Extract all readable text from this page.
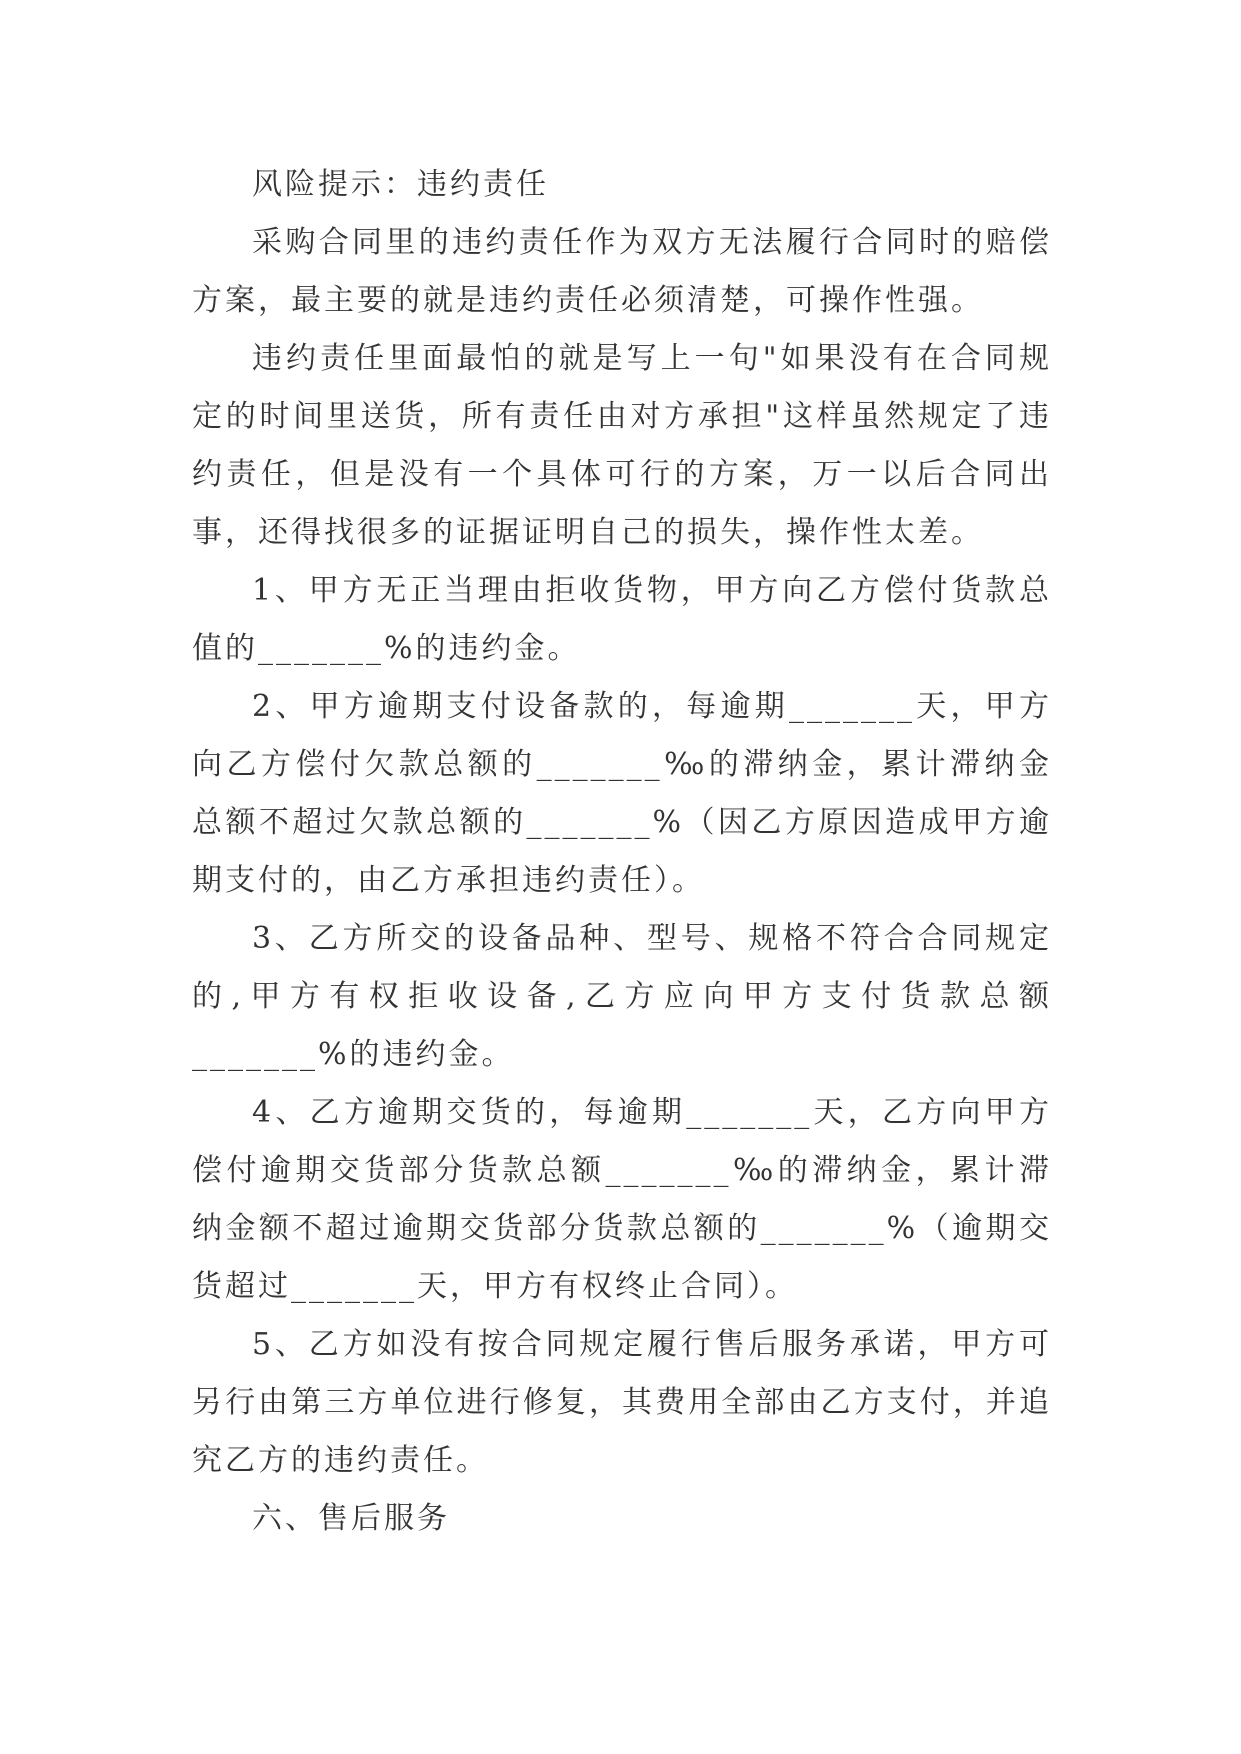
风险提示：违约责任

采购合同里的违约责任作为双方无法履行合同时的赔偿方案，最主要的就是违约责任必须清楚，可操作性强。

违约责任里面最怕的就是写上一句"如果没有在合同规定的时间里送货，所有责任由对方承担"这样虽然规定了违约责任，但是没有一个具体可行的方案，万一以后合同出事，还得找很多的证据证明自己的损失，操作性太差。

1、甲方无正当理由拒收货物，甲方向乙方偿付货款总值的_______%的违约金。

2、甲方逾期支付设备款的，每逾期_______天，甲方向乙方偿付欠款总额的_______‰的滞纳金，累计滞纳金总额不超过欠款总额的_______%（因乙方原因造成甲方逾期支付的，由乙方承担违约责任）。

3、乙方所交的设备品种、型号、规格不符合合同规定的,甲方有权拒收设备,乙方应向甲方支付货款总额_______%的违约金。

4、乙方逾期交货的，每逾期_______天，乙方向甲方偿付逾期交货部分货款总额_______‰的滞纳金，累计滞纳金额不超过逾期交货部分货款总额的_______%（逾期交货超过_______天，甲方有权终止合同）。

5、乙方如没有按合同规定履行售后服务承诺，甲方可另行由第三方单位进行修复，其费用全部由乙方支付，并追究乙方的违约责任。

六、售后服务
